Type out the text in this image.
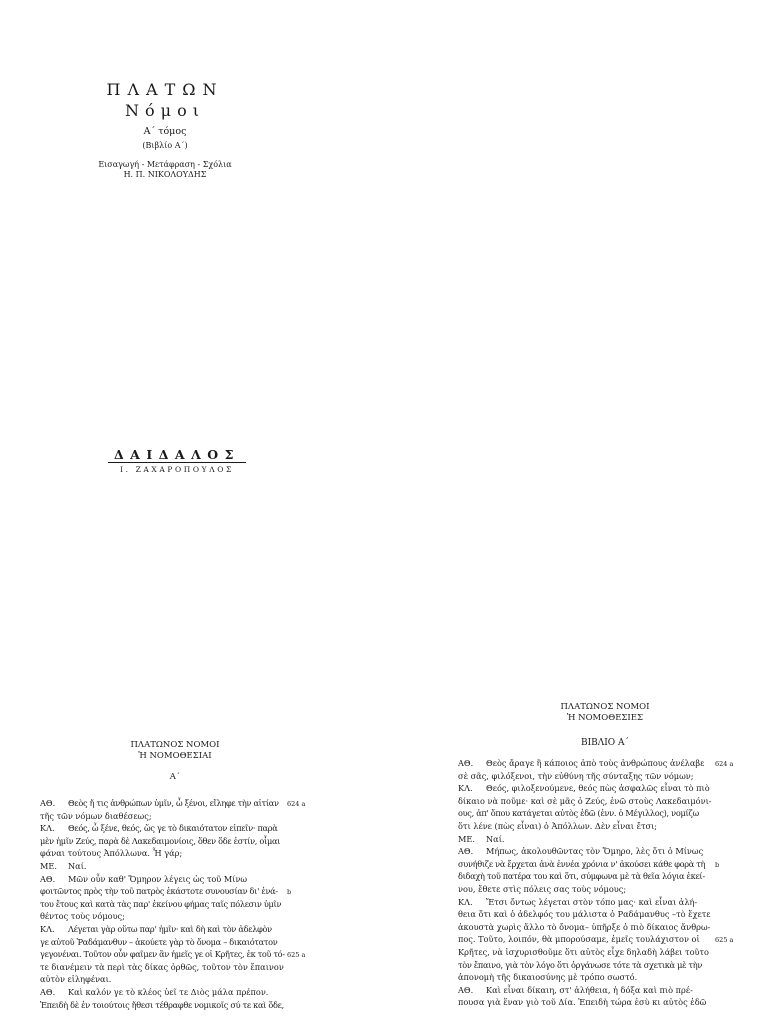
ΠΛΑΤΩΝ
Νόμοι
Α΄ τόμος
(Βιβλίο Α΄)
Εισαγωγή - Μετάφραση - Σχόλια
Η. Π. ΝΙΚΟΛΟΥΔΗΣ
ΔΑΙΔΑΛΟΣ
Ι. ΖΑΧΑΡΟΠΟΥΛΟΣ
ΠΛΑΤΩΝΟΣ ΝΟΜΟΙ
Ἡ ΝΟΜΟΘΕΣΙΑΙ
Α΄
ΠΛΑΤΩΝΟΣ ΝΟΜΟΙ
Ἡ ΝΟΜΟΘΕΣΙΕΣ
ΒΙΒΛΙΟ Α΄
ΑΘ. Θεὸς ἤ τις ἀνθρώπων ὑμῖν, ὦ ξένοι, εἴληφε τὴν αἰτίαν 624 a
τῆς τῶν νόμων διαθέσεως;
ΚΛ. Θεός, ὦ ξένε, θεός, ὥς γε τὸ δικαιότατον εἰπεῖν· παρὰ
μὲν ἡμῖν Ζεύς, παρὰ δὲ Λακεδαιμονίοις, ὅθεν ὅδε ἐστίν, οἶμαι
φάναι τούτους Ἀπόλλωνα. Ἦ γάρ;
ΜΕ. Ναί.
ΑΘ. Μῶν οὖν καθ' Ὅμηρον λέγεις ὡς τοῦ Μίνω
φοιτῶντος πρὸς τὴν τοῦ πατρὸς ἑκάστοτε συνουσίαν δι' ἐνά- b
του ἔτους καὶ κατὰ τὰς παρ' ἐκείνου φήμας ταῖς πόλεσιν ὑμῖν
θέντος τοὺς νόμους;
ΚΛ. Λέγεται γὰρ οὕτω παρ' ἡμῖν· καὶ δὴ καὶ τὸν ἀδελφὸν
γε αὐτοῦ Ῥαδάμανθυν – ἀκούετε γὰρ τὸ ὄνομα – δικαιότατον
γεγονέναι. Τοῦτον οὖν φαῖμεν ἂν ἡμεῖς γε οἱ Κρῆτες, ἐκ τοῦ τό- 625 a
τε διανέμειν τὰ περὶ τὰς δίκας ὀρθῶς, τοῦτον τὸν ἔπαινον
αὐτὸν εἰληφέναι.
ΑΘ. Καὶ καλόν γε τὸ κλέος ὑεῖ τε Διὸς μάλα πρέπον.
Ἐπειδὴ δὲ ἐν τοιούτοις ἤθεσι τέθραφθε νομικοῖς σύ τε καὶ ὅδε,
ΑΘ. Θεὸς ἄραγε ἢ κάποιος ἀπὸ τοὺς ἀνθρώπους ἀνέλαβε 624 a
σὲ σᾶς, φιλόξενοι, τὴν εὐθύνη τῆς σύνταξης τῶν νόμων;
ΚΛ. Θεός, φιλοξενούμενε, θεός πὼς ἀσφαλῶς εἶναι τὸ πιὸ
δίκαιο νὰ ποῦμε· καὶ σὲ μᾶς ὁ Ζεύς, ἐνῶ στοὺς Λακεδαιμόνι-
ους, ἀπ' ὅπου κατάγεται αὐτὸς ἐδῶ (ἐνν. ὁ Μέγιλλος), νομίζω
ὅτι λένε (πὼς εἶναι) ὁ Ἀπόλλων. Δὲν εἶναι ἔτσι;
ΜΕ. Ναί.
ΑΘ. Μήπως, ἀκολουθῶντας τὸν Ὅμηρο, λὲς ὅτι ὁ Μίνως
συνήθιζε νὰ ἔρχεται ἀνὰ ἐννέα χρόνια ν' ἀκούσει κάθε φορὰ τὴ b
διδαχὴ τοῦ πατέρα του καὶ ὅτι, σύμφωνα μὲ τὰ θεῖα λόγια ἐκεί-
νου, ἔθετε στὶς πόλεις σας τοὺς νόμους;
ΚΛ. Ἔτσι ὄντως λέγεται στὸν τόπο μας· καὶ εἶναι ἀλή-
θεια ὅτι καὶ ὁ ἀδελφός του μάλιστα ὁ Ραδάμανθυς –τὸ ἔχετε
ἀκουστὰ χωρὶς ἄλλο τὸ ὄνομα– ὑπῆρξε ὁ πιὸ δίκαιος ἄνθρω-
πος. Τοῦτο, λοιπόν, θὰ μπορούσαμε, ἐμεῖς τουλάχιστον οἱ 625 a
Κρῆτες, νὰ ἰσχυρισθοῦμε ὅτι αὐτὸς εἶχε δηλαδὴ λάβει τοῦτο
τὸν ἔπαινο, γιὰ τὸν λόγο ὅτι ὀργάνωσε τότε τὰ σχετικὰ μὲ τὴν
ἀπονομὴ τῆς δικαιοσύνης μὲ τρόπο σωστό.
ΑΘ. Καὶ εἶναι δίκαιη, στ' ἀλήθεια, ἡ δόξα καὶ πιὸ πρέ-
πουσα γιὰ ἕναν γιὸ τοῦ Δία. Ἐπειδὴ τώρα ἐσὺ κι αὐτὸς ἐδῶ
